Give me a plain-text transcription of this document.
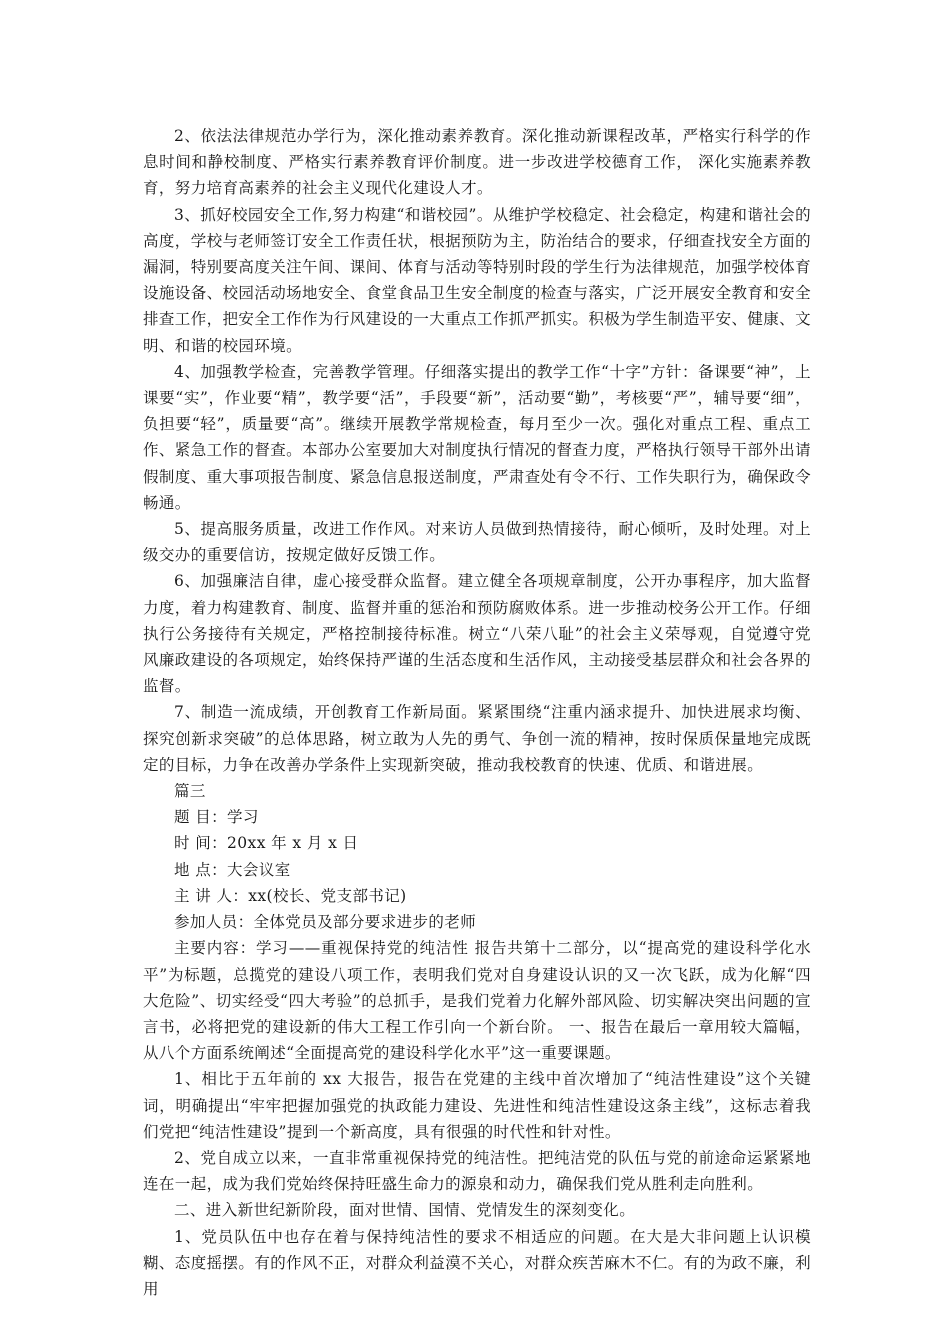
2、依法法律规范办学行为，深化推动素养教育。深化推动新课程改革，严格实行科学的作息时间和静校制度、严格实行素养教育评价制度。进一步改进学校德育工作， 深化实施素养教育，努力培育高素养的社会主义现代化建设人才。

3、抓好校园安全工作,努力构建“和谐校园”。从维护学校稳定、社会稳定，构建和谐社会的高度，学校与老师签订安全工作责任状，根据预防为主，防治结合的要求，仔细查找安全方面的漏洞，特别要高度关注午间、课间、体育与活动等特别时段的学生行为法律规范，加强学校体育设施设备、校园活动场地安全、食堂食品卫生安全制度的检查与落实，广泛开展安全教育和安全排查工作，把安全工作作为行风建设的一大重点工作抓严抓实。积极为学生制造平安、健康、文明、和谐的校园环境。

4、加强教学检查，完善教学管理。仔细落实提出的教学工作“十字”方针：备课要“神”，上课要“实”，作业要“精”，教学要“活”，手段要“新”，活动要“勤”，考核要“严”，辅导要“细”，负担要“轻”，质量要“高”。继续开展教学常规检查，每月至少一次。强化对重点工程、重点工作、紧急工作的督查。本部办公室要加大对制度执行情况的督查力度，严格执行领导干部外出请假制度、重大事项报告制度、紧急信息报送制度，严肃查处有令不行、工作失职行为，确保政令畅通。

5、提高服务质量，改进工作作风。对来访人员做到热情接待，耐心倾听，及时处理。对上级交办的重要信访，按规定做好反馈工作。

6、加强廉洁自律，虚心接受群众监督。建立健全各项规章制度，公开办事程序，加大监督力度，着力构建教育、制度、监督并重的惩治和预防腐败体系。进一步推动校务公开工作。仔细执行公务接待有关规定，严格控制接待标准。树立“八荣八耻”的社会主义荣辱观，自觉遵守党风廉政建设的各项规定，始终保持严谨的生活态度和生活作风，主动接受基层群众和社会各界的监督。

7、制造一流成绩，开创教育工作新局面。紧紧围绕“注重内涵求提升、加快进展求均衡、探究创新求突破”的总体思路，树立敢为人先的勇气、争创一流的精神，按时保质保量地完成既定的目标，力争在改善办学条件上实现新突破，推动我校教育的快速、优质、和谐进展。

篇三

题 目：学习

时 间：20xx 年 x 月 x 日

地 点：大会议室

主 讲 人：xx(校长、党支部书记)

参加人员：全体党员及部分要求进步的老师

主要内容：学习——重视保持党的纯洁性 报告共第十二部分，以“提高党的建设科学化水平”为标题，总揽党的建设八项工作，表明我们党对自身建设认识的又一次飞跃，成为化解“四大危险”、切实经受“四大考验”的总抓手，是我们党着力化解外部风险、切实解决突出问题的宣言书，必将把党的建设新的伟大工程工作引向一个新台阶。 一、报告在最后一章用较大篇幅，从八个方面系统阐述“全面提高党的建设科学化水平”这一重要课题。

1、相比于五年前的 xx 大报告，报告在党建的主线中首次增加了“纯洁性建设”这个关键词，明确提出“牢牢把握加强党的执政能力建设、先进性和纯洁性建设这条主线”，这标志着我们党把“纯洁性建设”提到一个新高度，具有很强的时代性和针对性。

2、党自成立以来，一直非常重视保持党的纯洁性。把纯洁党的队伍与党的前途命运紧紧地连在一起，成为我们党始终保持旺盛生命力的源泉和动力，确保我们党从胜利走向胜利。

二、进入新世纪新阶段，面对世情、国情、党情发生的深刻变化。

1、党员队伍中也存在着与保持纯洁性的要求不相适应的问题。在大是大非问题上认识模糊、态度摇摆。有的作风不正，对群众利益漠不关心，对群众疾苦麻木不仁。有的为政不廉，利用
